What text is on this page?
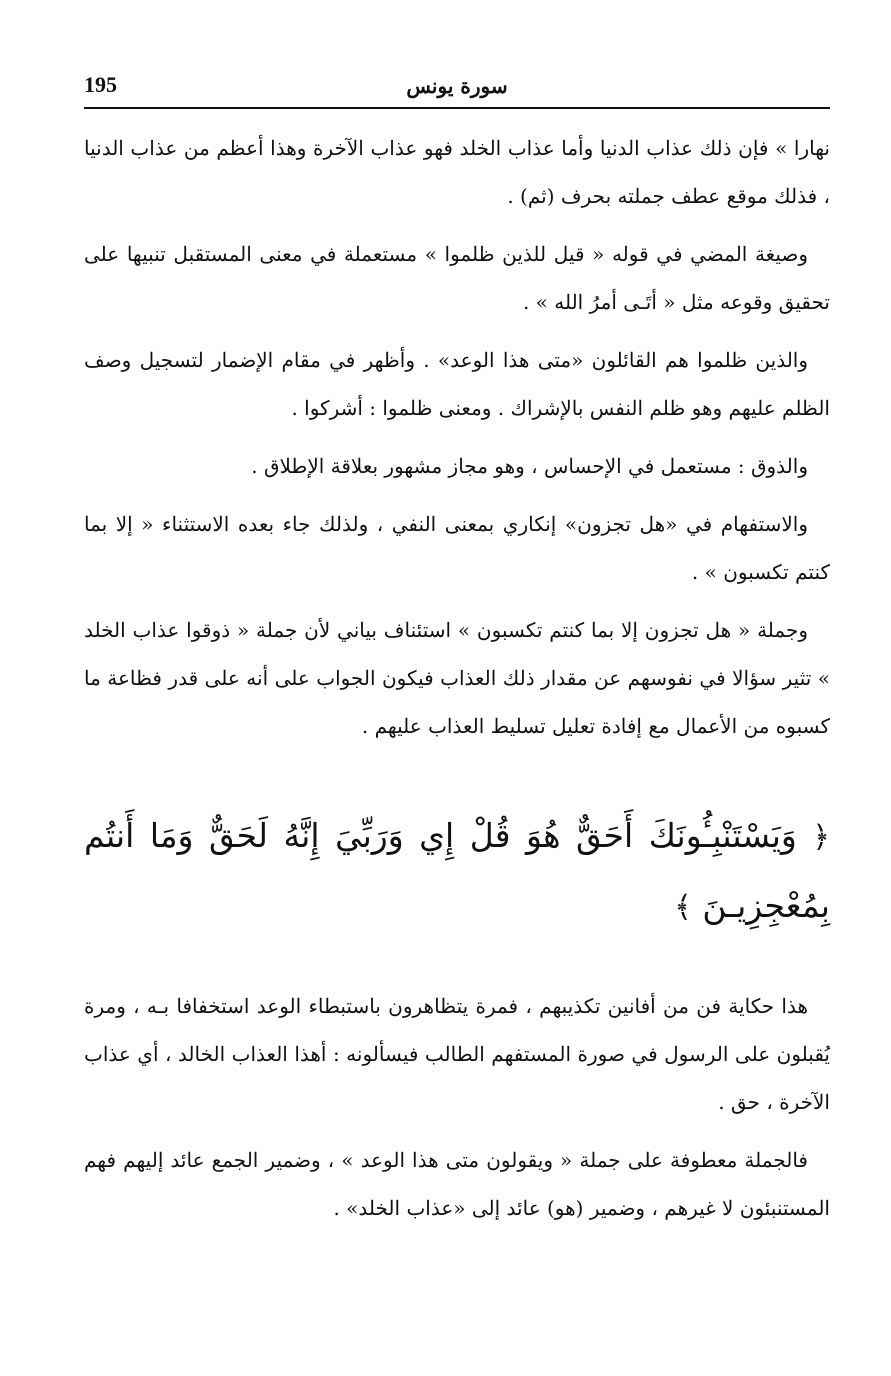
195	سورة يونس

نهارا » فإن ذلك عذاب الدنيا وأما عذاب الخلد فهو عذاب الآخرة وهذا أعظم من عذاب الدنيا ، فذلك موقع عطف جملته بحرف (ثم) .

وصيغة المضي في قوله « قيل للذين ظلموا » مستعملة في معنى المستقبل تنبيها على تحقيق وقوعه مثل « أتَـى أمرُ الله » .

والذين ظلموا هم القائلون «متى هذا الوعد» . وأظهر في مقام الإضمار لتسجيل وصف الظلم عليهم وهو ظلم النفس بالإشراك . ومعنى ظلموا : أشركوا .

والذوق : مستعمل في الإحساس ، وهو مجاز مشهور بعلاقة الإطلاق .

والاستفهام في «هل تجزون» إنكاري بمعنى النفي ، ولذلك جاء بعده الاستثناء « إلا بما كنتم تكسبون » .

وجملة « هل تجزون إلا بما كنتم تكسبون » استئناف بياني لأن جملة « ذوقوا عذاب الخلد » تثير سؤالا في نفوسهم عن مقدار ذلك العذاب فيكون الجواب على أنه على قدر فظاعة ما كسبوه من الأعمال مع إفادة تعليل تسليط العذاب عليهم .

﴿ وَيَسْتَنْبِـُٔونَكَ أَحَقٌّ هُوَ قُلْ إِي وَرَبِّيَ إِنَّهُ لَحَقٌّ وَمَا أَنتُم بِمُعْجِزِيـنَ ﴾

هذا حكاية فن من أفانين تكذيبهم ، فمرة يتظاهرون باستبطاء الوعد استخفافا بـه ، ومرة يُقبلون على الرسول في صورة المستفهم الطالب فيسألونه : أهذا العذاب الخالد ، أي عذاب الآخرة ، حق .

فالجملة معطوفة على جملة « ويقولون متى هذا الوعد » ، وضمير الجمع عائد إليهم فهم المستنبئون لا غيرهم ، وضمير (هو) عائد إلى «عذاب الخلد» .
